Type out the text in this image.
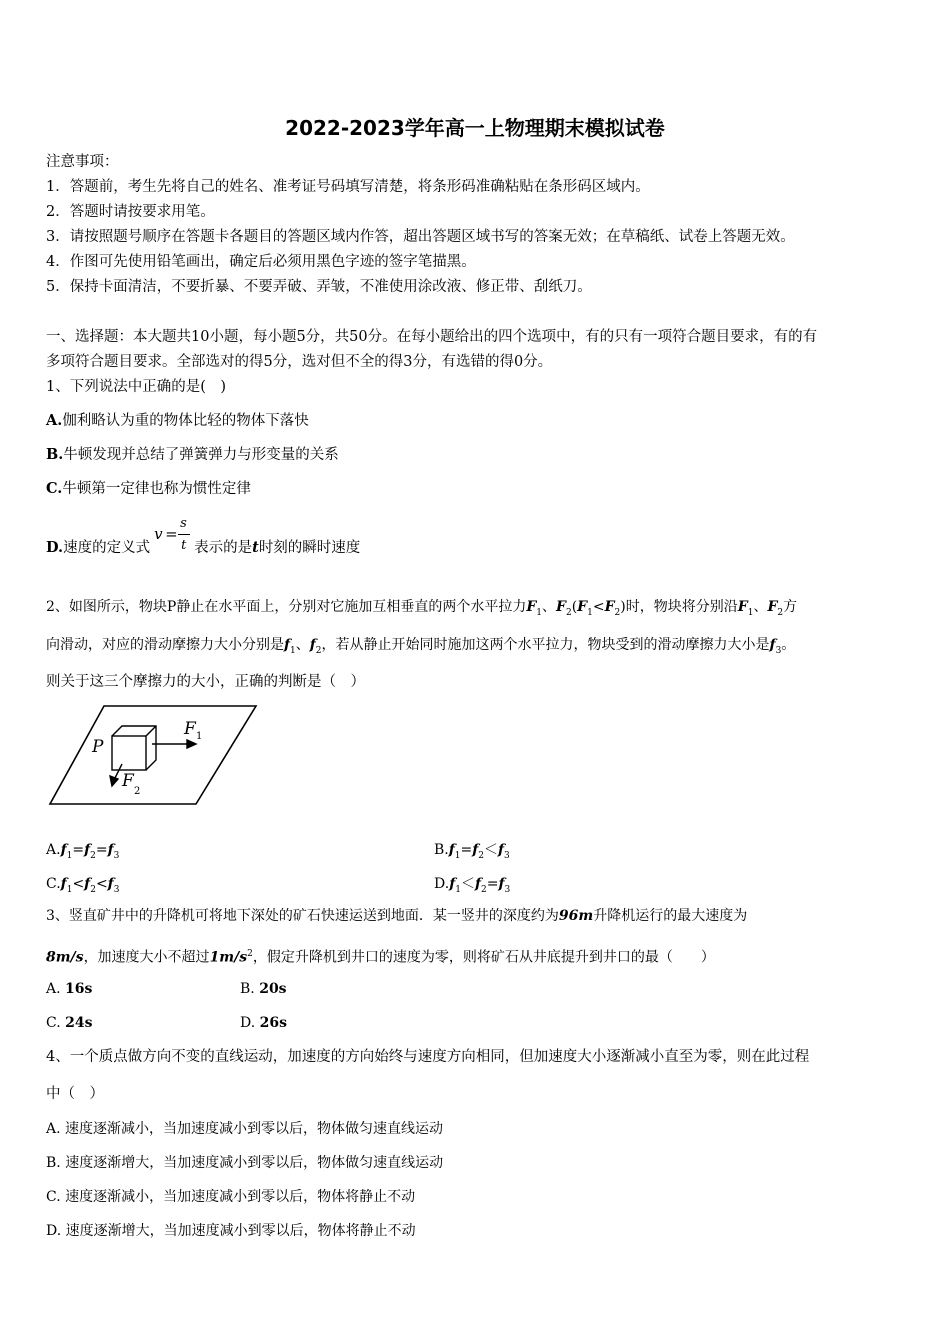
2022-2023学年高一上物理期末模拟试卷
注意事项：
1．答题前，考生先将自己的姓名、准考证号码填写清楚，将条形码准确粘贴在条形码区域内。
2．答题时请按要求用笔。
3．请按照题号顺序在答题卡各题目的答题区域内作答，超出答题区域书写的答案无效；在草稿纸、试卷上答题无效。
4．作图可先使用铅笔画出，确定后必须用黑色字迹的签字笔描黑。
5．保持卡面清洁，不要折暴、不要弄破、弄皱，不准使用涂改液、修正带、刮纸刀。
一、选择题：本大题共10小题，每小题5分，共50分。在每小题给出的四个选项中，有的只有一项符合题目要求，有的有
多项符合题目要求。全部选对的得5分，选对但不全的得3分，有选错的得0分。
1、下列说法中正确的是(　)
A.伽利略认为重的物体比轻的物体下落快
B.牛顿发现并总结了弹簧弹力与形变量的关系
C.牛顿第一定律也称为惯性定律
D. 速度的定义式
v =
s
t 表示的是 t 时刻的瞬时速度
2、如图所示，物块P静止在水平面上，分别对它施加互相垂直的两个水平拉力$F_1$、$F_2(F_1<F_2)$时，物块将分别沿$F_1$、$F_2$方
向滑动，对应的滑动摩擦力大小分别是$f_1$、$f_2$，若从静止开始同时施加这两个水平拉力，物块受到的滑动摩擦力大小是$f_3$。
则关于这三个摩擦力的大小，正确的判断是（　）
P
F 1
F
2
$A.f_1=f_2=f_3$	$B.f_1=f_2<f_3$
$C.f_1<f_2<f_3$	$D.f_1<f_2=f_3$
3、竖直矿井中的升降机可将地下深处的矿石快速运送到地面．某一竖井的深度约为96m升降机运行的最大速度为
8m/s，加速度大小不超过$1m/s^2$，假定升降机到井口的速度为零，则将矿石从井底提升到井口的最（　　）
A. 16s	B. 20s
C. 24s	D. 26s
4、一个质点做方向不变的直线运动，加速度的方向始终与速度方向相同，但加速度大小逐渐减小直至为零，则在此过程
中（　）
A. 速度逐渐减小，当加速度减小到零以后，物体做匀速直线运动
B. 速度逐渐增大，当加速度减小到零以后，物体做匀速直线运动
C. 速度逐渐减小，当加速度减小到零以后，物体将静止不动
D. 速度逐渐增大，当加速度减小到零以后，物体将静止不动
